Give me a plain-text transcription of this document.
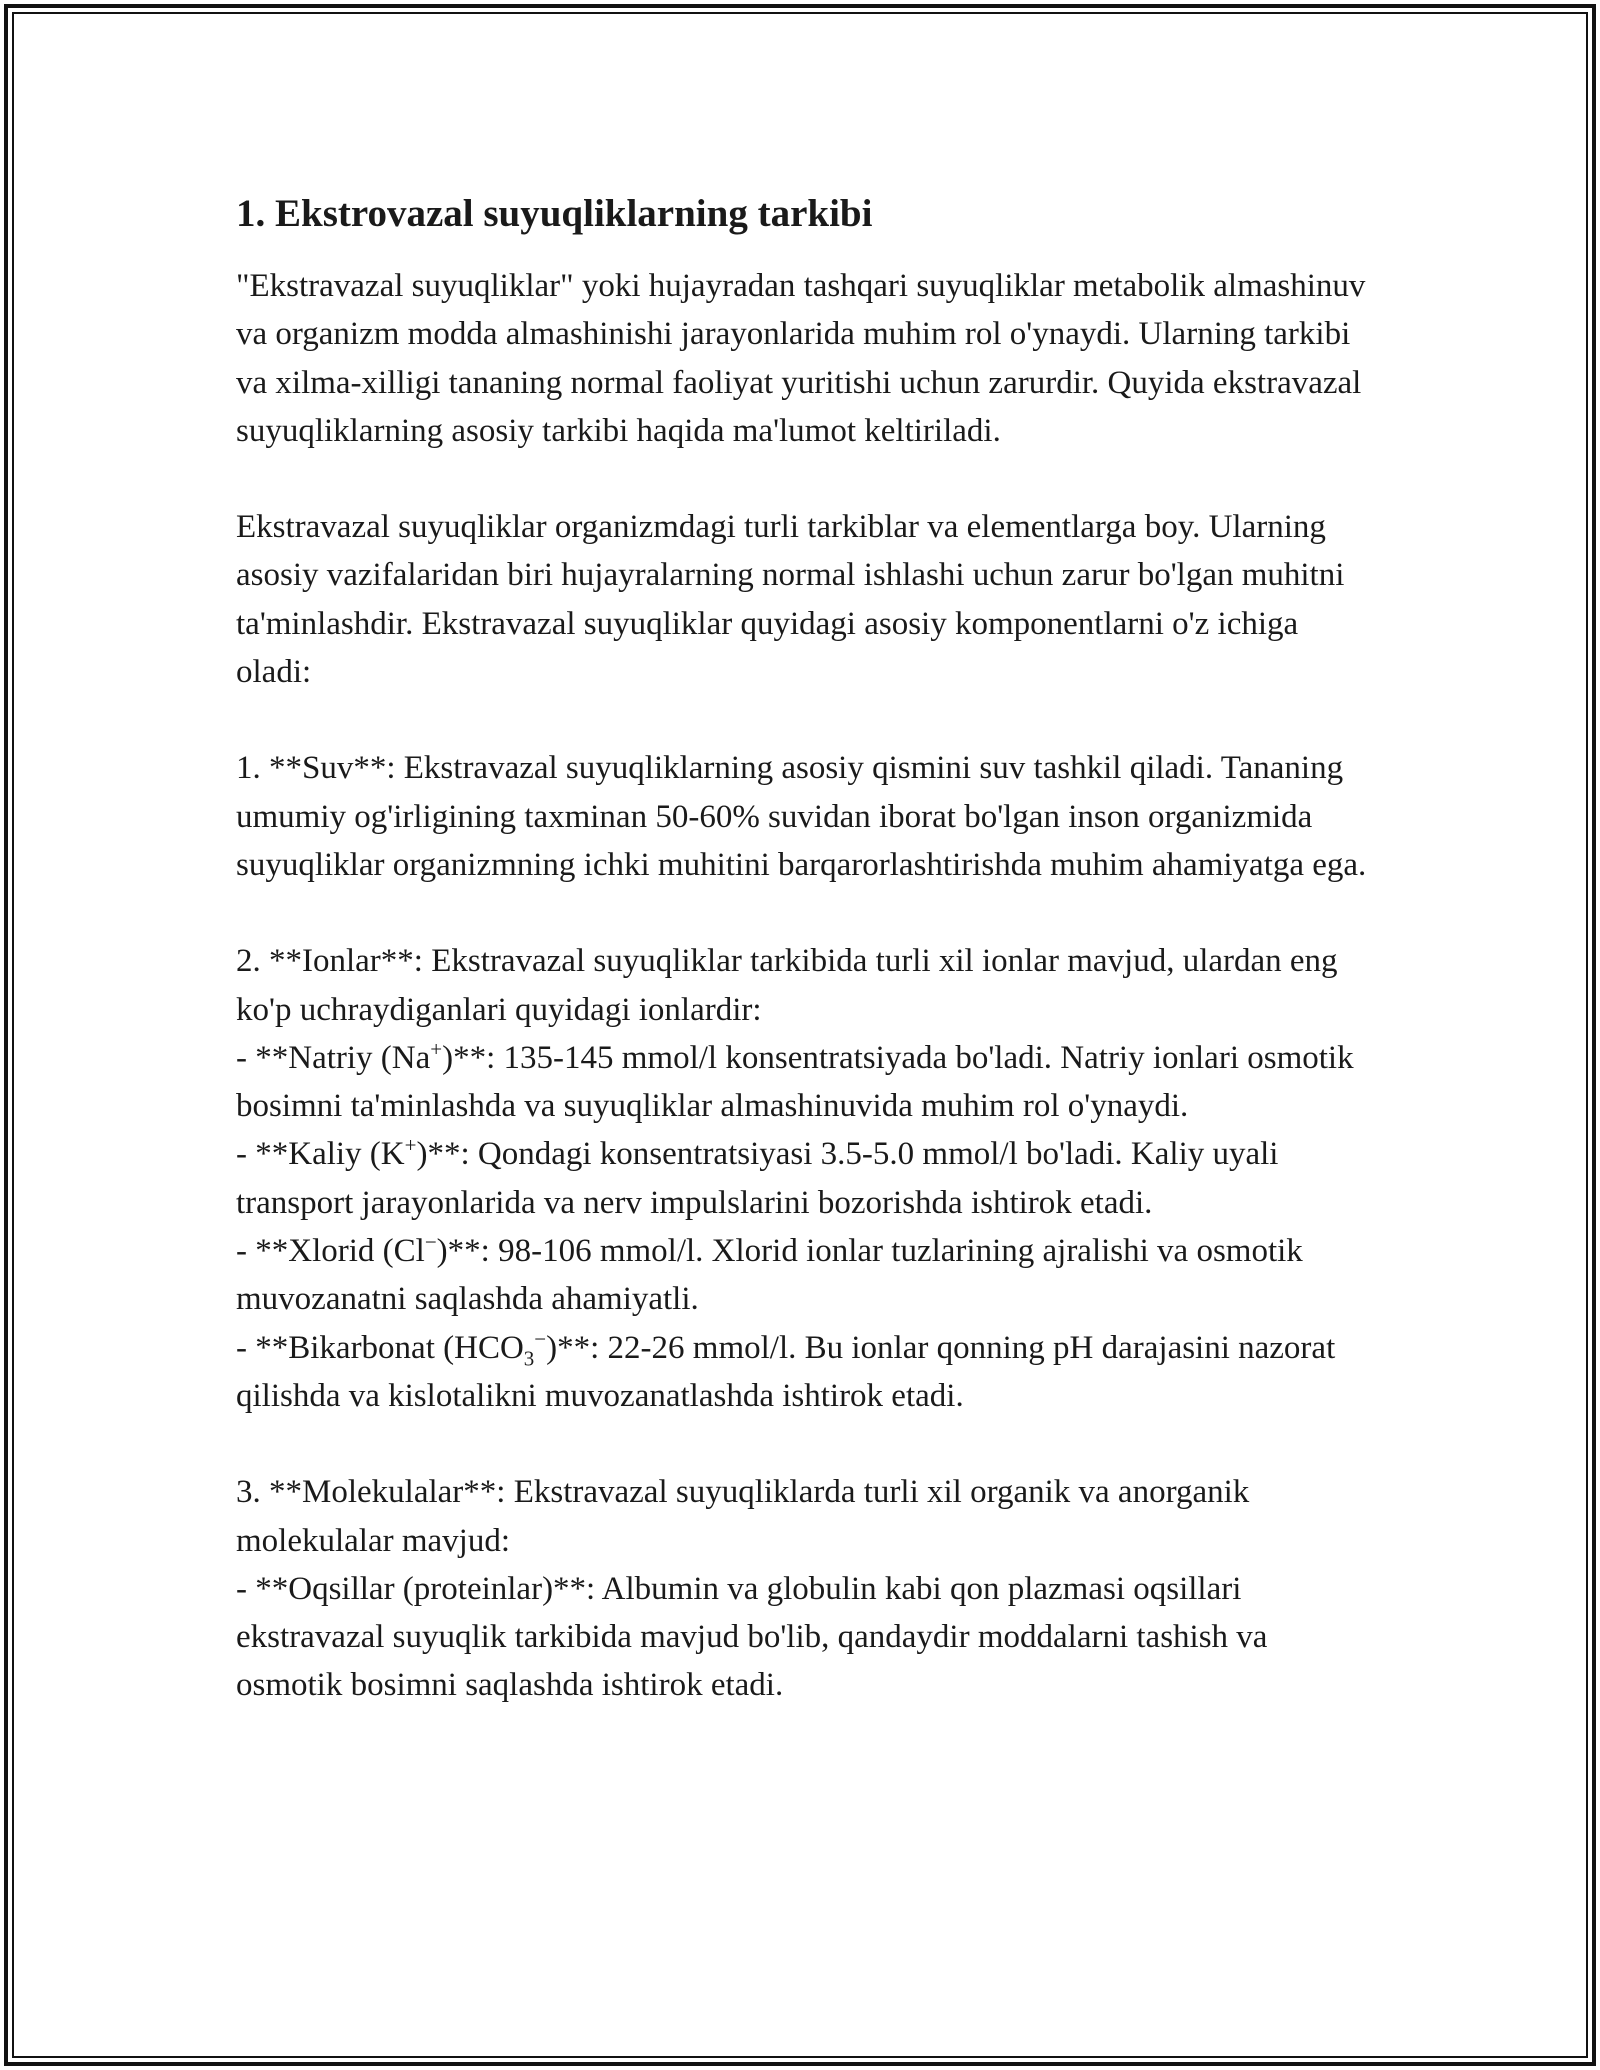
1. Ekstrovazal suyuqliklarning tarkibi

"Ekstravazal suyuqliklar" yoki hujayradan tashqari suyuqliklar metabolik almashinuv va organizm modda almashinishi jarayonlarida muhim rol o'ynaydi. Ularning tarkibi va xilma-xilligi tananing normal faoliyat yuritishi uchun zarurdir. Quyida ekstravazal suyuqliklarning asosiy tarkibi haqida ma'lumot keltiriladi.

Ekstravazal suyuqliklar organizmdagi turli tarkiblar va elementlarga boy. Ularning asosiy vazifalaridan biri hujayralarning normal ishlashi uchun zarur bo'lgan muhitni ta'minlashdir. Ekstravazal suyuqliklar quyidagi asosiy komponentlarni o'z ichiga oladi:

1. **Suv**: Ekstravazal suyuqliklarning asosiy qismini suv tashkil qiladi. Tananing umumiy og'irligining taxminan 50-60% suvidan iborat bo'lgan inson organizmida suyuqliklar organizmning ichki muhitini barqarorlashtirishda muhim ahamiyatga ega.

2. **Ionlar**: Ekstravazal suyuqliklar tarkibida turli xil ionlar mavjud, ulardan eng ko'p uchraydiganlari quyidagi ionlardir:

- **Natriy (Na+)**: 135-145 mmol/l konsentratsiyada bo'ladi. Natriy ionlari osmotik bosimni ta'minlashda va suyuqliklar almashinuvida muhim rol o'ynaydi.

- **Kaliy (K+)**: Qondagi konsentratsiyasi 3.5-5.0 mmol/l bo'ladi. Kaliy uyali transport jarayonlarida va nerv impulslarini bozorishda ishtirok etadi.

- **Xlorid (Cl−)**: 98-106 mmol/l. Xlorid ionlar tuzlarining ajralishi va osmotik muvozanatni saqlashda ahamiyatli.

- **Bikarbonat $(HCO_3^-)**$: 22-26 mmol/l. Bu ionlar qonning pH darajasini nazorat qilishda va kislotalikni muvozanatlashda ishtirok etadi.

3. **Molekulalar**: Ekstravazal suyuqliklarda turli xil organik va anorganik molekulalar mavjud:

- **Oqsillar (proteinlar)**: Albumin va globulin kabi qon plazmasi oqsillari ekstravazal suyuqlik tarkibida mavjud bo'lib, qandaydir moddalarni tashish va osmotik bosimni saqlashda ishtirok etadi.
